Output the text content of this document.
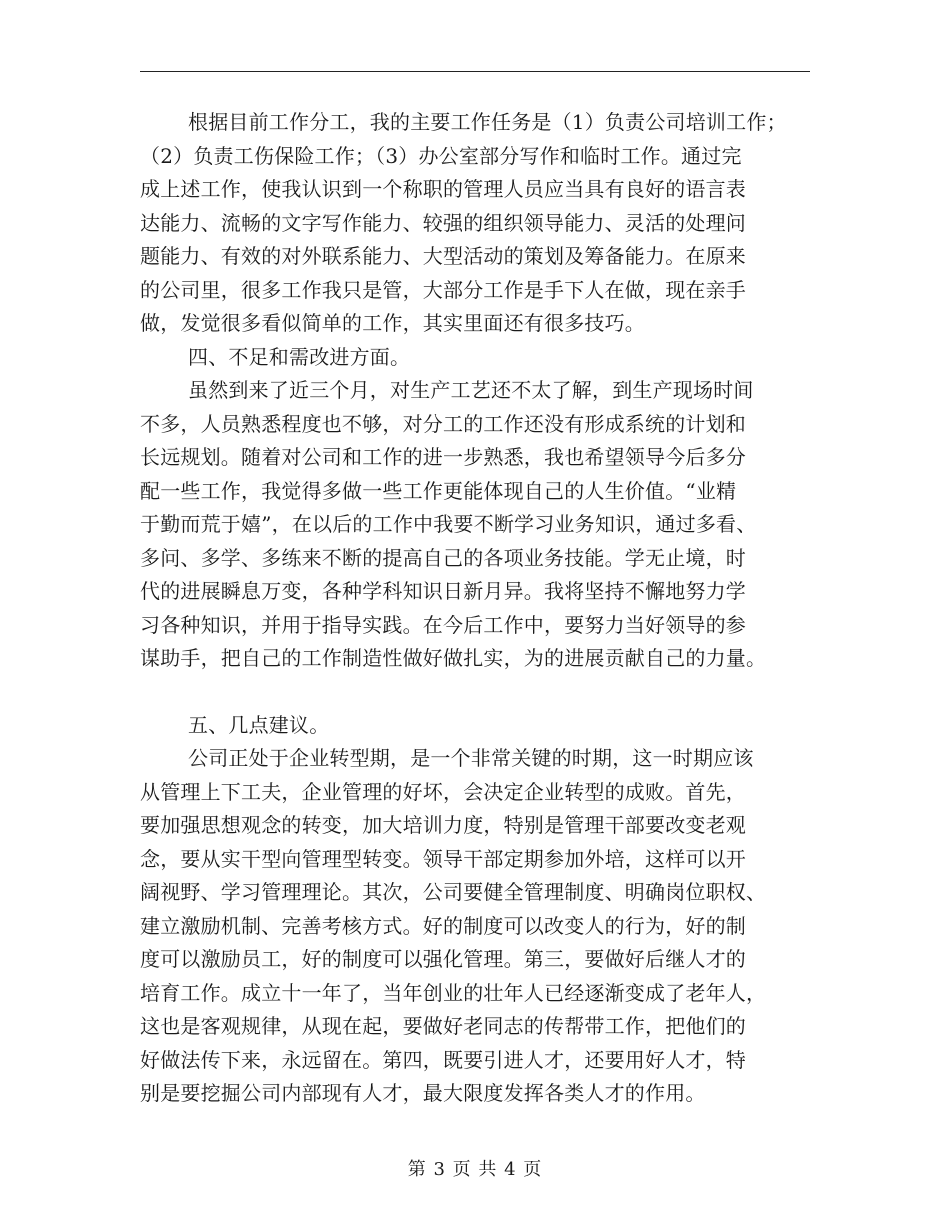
根据目前工作分工，我的主要工作任务是（1）负责公司培训工作；
（2）负责工伤保险工作；（3）办公室部分写作和临时工作。通过完
成上述工作，使我认识到一个称职的管理人员应当具有良好的语言表
达能力、流畅的文字写作能力、较强的组织领导能力、灵活的处理问
题能力、有效的对外联系能力、大型活动的策划及筹备能力。在原来
的公司里，很多工作我只是管，大部分工作是手下人在做，现在亲手
做，发觉很多看似简单的工作，其实里面还有很多技巧。
四、不足和需改进方面。
虽然到来了近三个月，对生产工艺还不太了解，到生产现场时间
不多，人员熟悉程度也不够，对分工的工作还没有形成系统的计划和
长远规划。随着对公司和工作的进一步熟悉，我也希望领导今后多分
配一些工作，我觉得多做一些工作更能体现自己的人生价值。“业精
于勤而荒于嬉”，在以后的工作中我要不断学习业务知识，通过多看、
多问、多学、多练来不断的提高自己的各项业务技能。学无止境，时
代的进展瞬息万变，各种学科知识日新月异。我将坚持不懈地努力学
习各种知识，并用于指导实践。在今后工作中，要努力当好领导的参
谋助手，把自己的工作制造性做好做扎实，为的进展贡献自己的力量。
五、几点建议。
公司正处于企业转型期，是一个非常关键的时期，这一时期应该
从管理上下工夫，企业管理的好坏，会决定企业转型的成败。首先，
要加强思想观念的转变，加大培训力度，特别是管理干部要改变老观
念，要从实干型向管理型转变。领导干部定期参加外培，这样可以开
阔视野、学习管理理论。其次，公司要健全管理制度、明确岗位职权、
建立激励机制、完善考核方式。好的制度可以改变人的行为，好的制
度可以激励员工，好的制度可以强化管理。第三，要做好后继人才的
培育工作。成立十一年了，当年创业的壮年人已经逐渐变成了老年人，
这也是客观规律，从现在起，要做好老同志的传帮带工作，把他们的
好做法传下来，永远留在。第四，既要引进人才，还要用好人才，特
别是要挖掘公司内部现有人才，最大限度发挥各类人才的作用。
第 3 页 共 4 页
